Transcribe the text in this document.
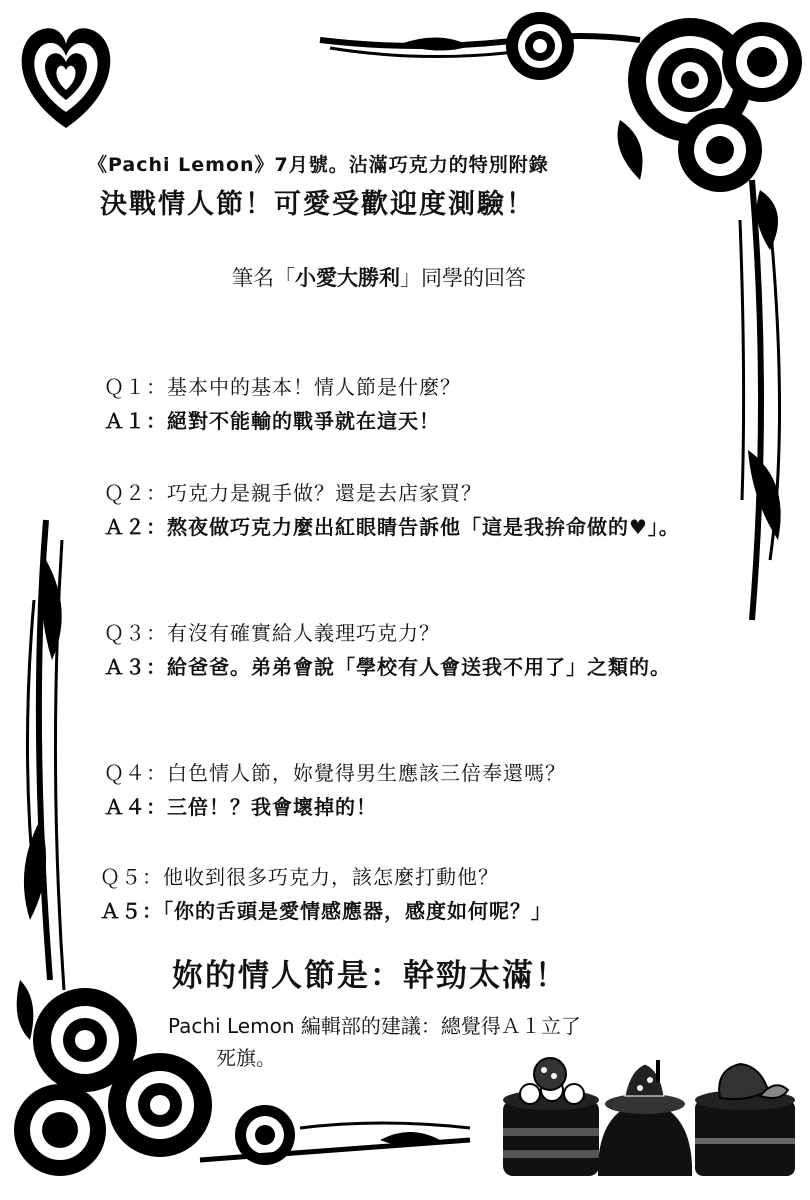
《Pachi Lemon》7月號。沾滿巧克力的特別附錄
決戰情人節！可愛受歡迎度測驗！
筆名「小愛大勝利」同學的回答
Ｑ１：基本中的基本！情人節是什麼？
Ａ１：絕對不能輸的戰爭就在這天！
Ｑ２：巧克力是親手做？還是去店家買？
Ａ２：熬夜做巧克力麼出紅眼睛告訴他「這是我拚命做的♥」。
Ｑ３：有沒有確實給人義理巧克力？
Ａ３：給爸爸。弟弟會說「學校有人會送我不用了」之類的。
Ｑ４：白色情人節，妳覺得男生應該三倍奉還嗎？
Ａ４：三倍！？我會壞掉的！
Ｑ５：他收到很多巧克力，該怎麼打動他？
Ａ５：「你的舌頭是愛情感應器，感度如何呢？」
妳的情人節是：幹勁太滿！
Pachi Lemon 編輯部的建議：總覺得Ａ１立了
死旗。
